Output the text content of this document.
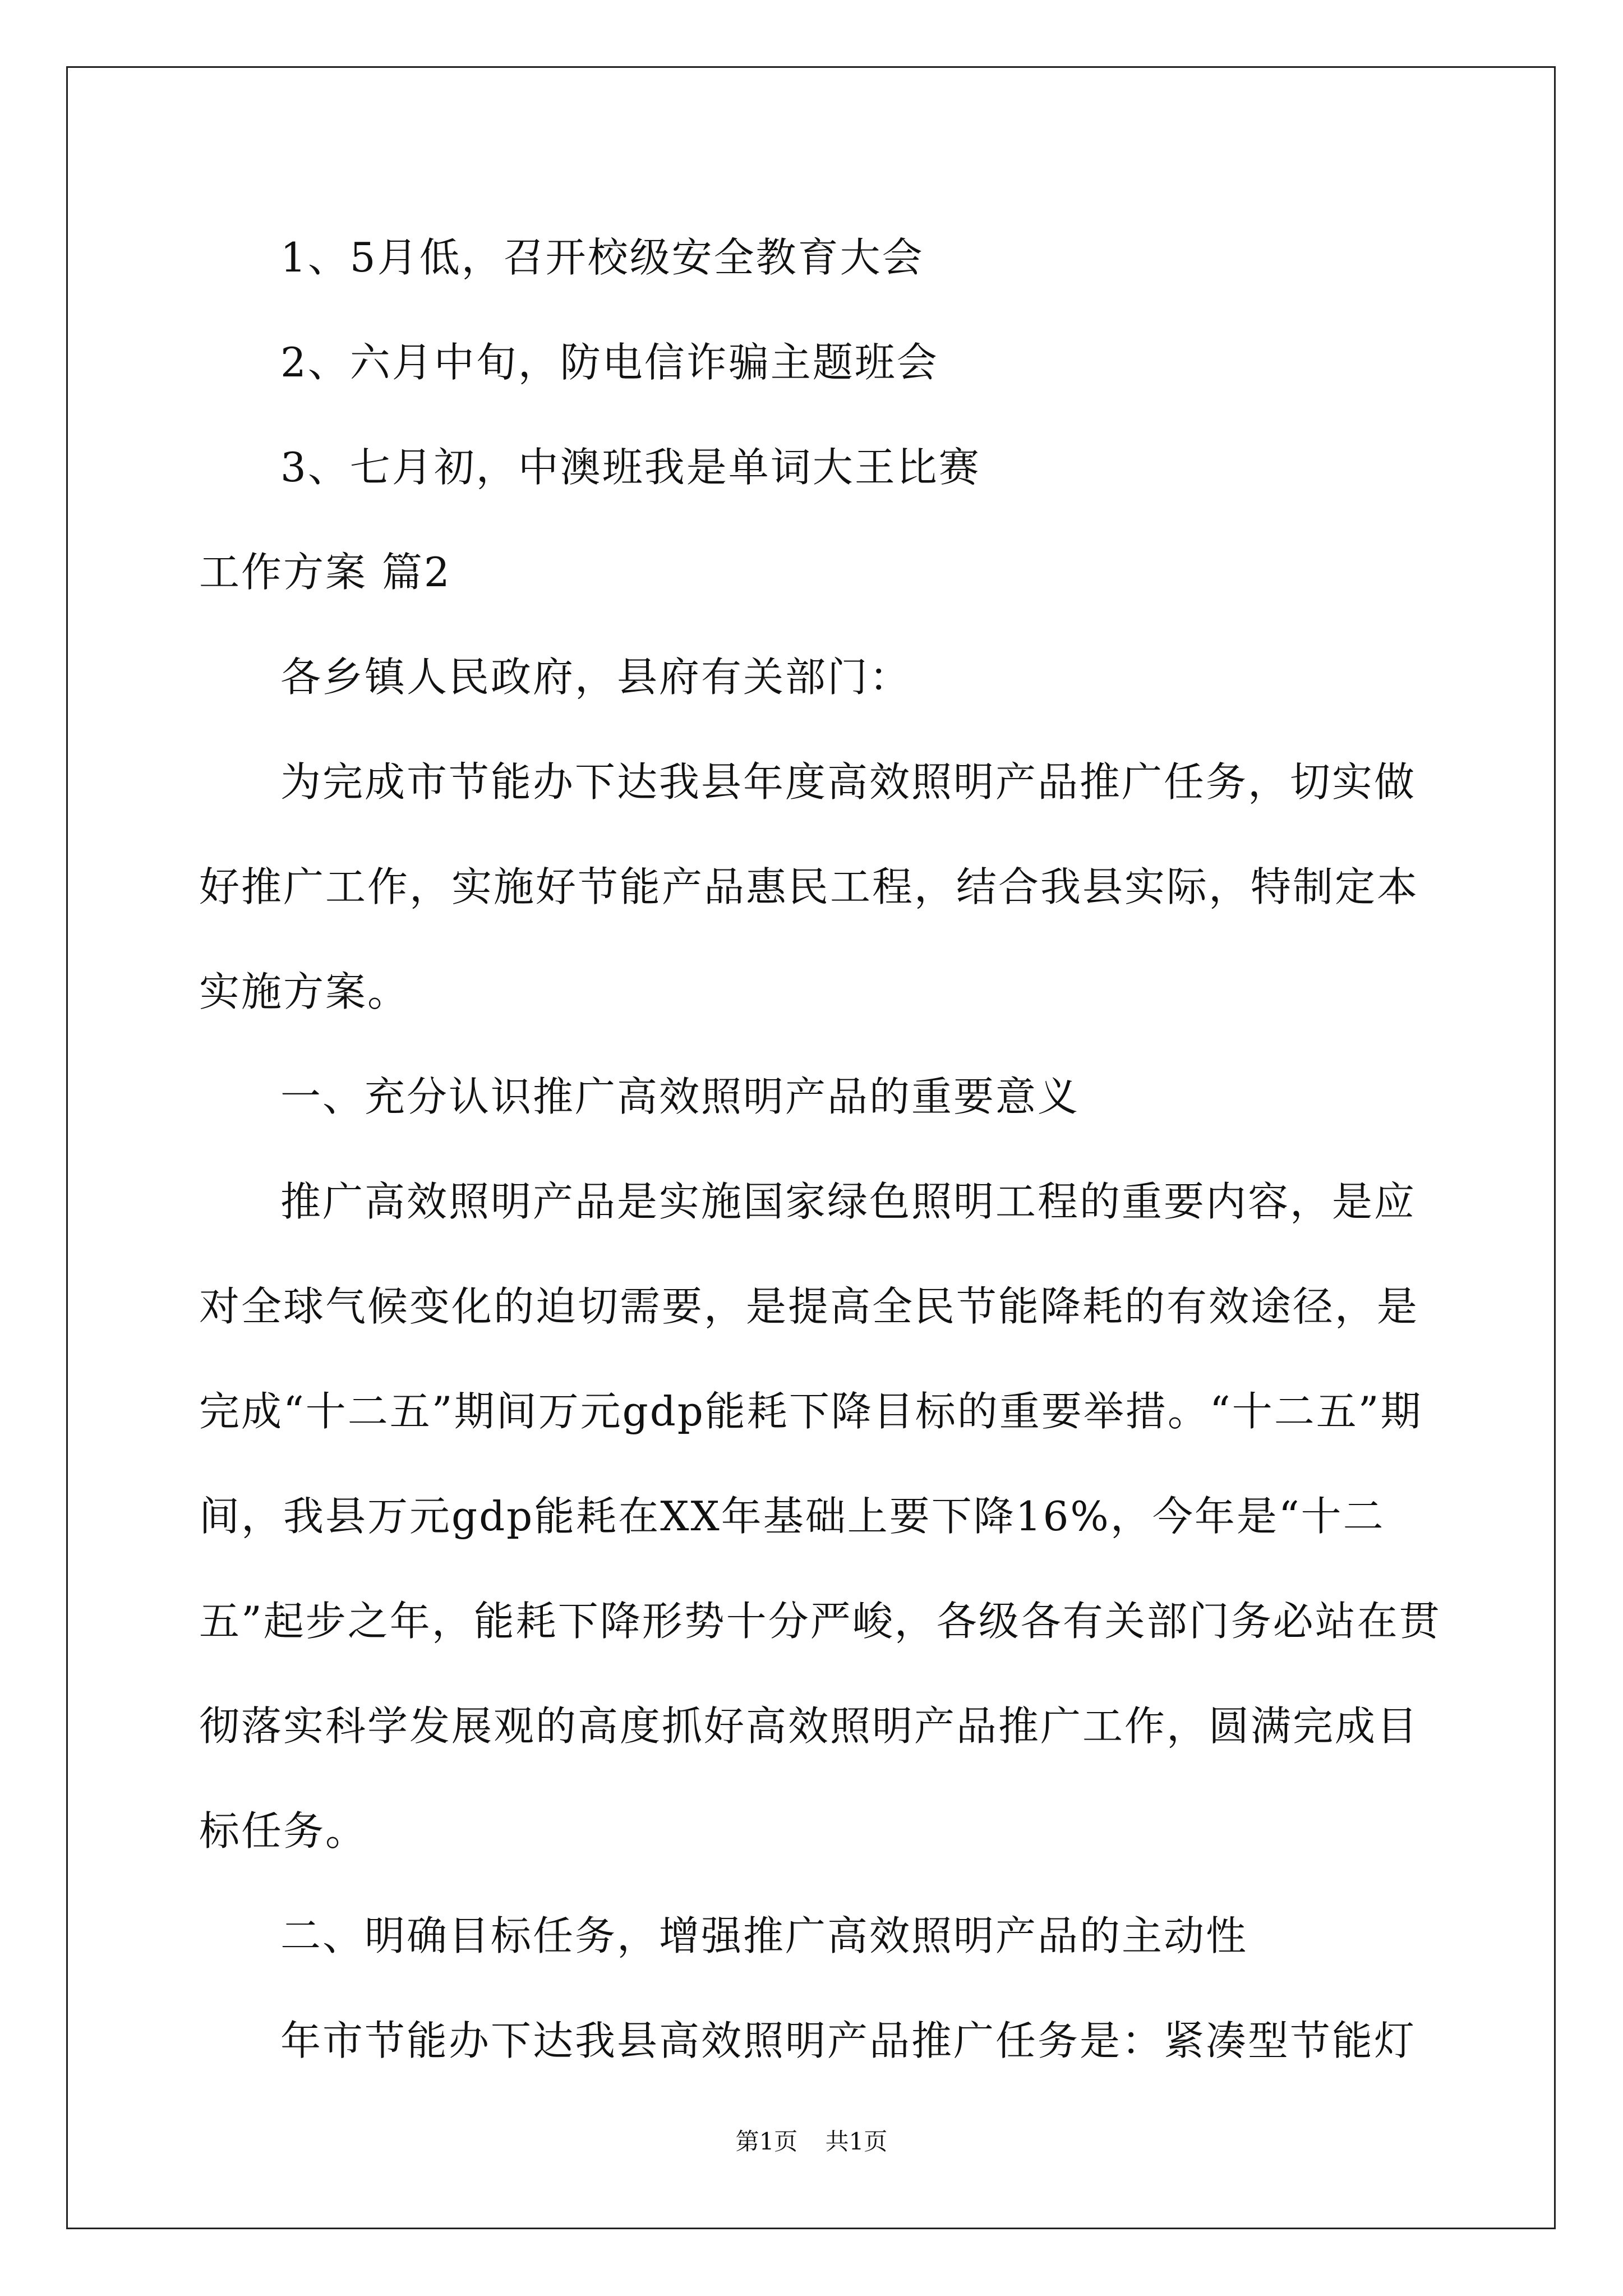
1、5月低，召开校级安全教育大会

2、六月中旬，防电信诈骗主题班会

3、七月初，中澳班我是单词大王比赛

工作方案 篇2

各乡镇人民政府，县府有关部门：

为完成市节能办下达我县年度高效照明产品推广任务，切实做好推广工作，实施好节能产品惠民工程，结合我县实际，特制定本实施方案。

一、充分认识推广高效照明产品的重要意义

推广高效照明产品是实施国家绿色照明工程的重要内容，是应对全球气候变化的迫切需要，是提高全民节能降耗的有效途径，是完成“十二五”期间万元gdp能耗下降目标的重要举措。“十二五”期间，我县万元gdp能耗在XX年基础上要下降16%，今年是“十二五”起步之年，能耗下降形势十分严峻，各级各有关部门务必站在贯彻落实科学发展观的高度抓好高效照明产品推广工作，圆满完成目标任务。

二、明确目标任务，增强推广高效照明产品的主动性

年市节能办下达我县高效照明产品推广任务是：紧凑型节能灯

第1页 共1页
